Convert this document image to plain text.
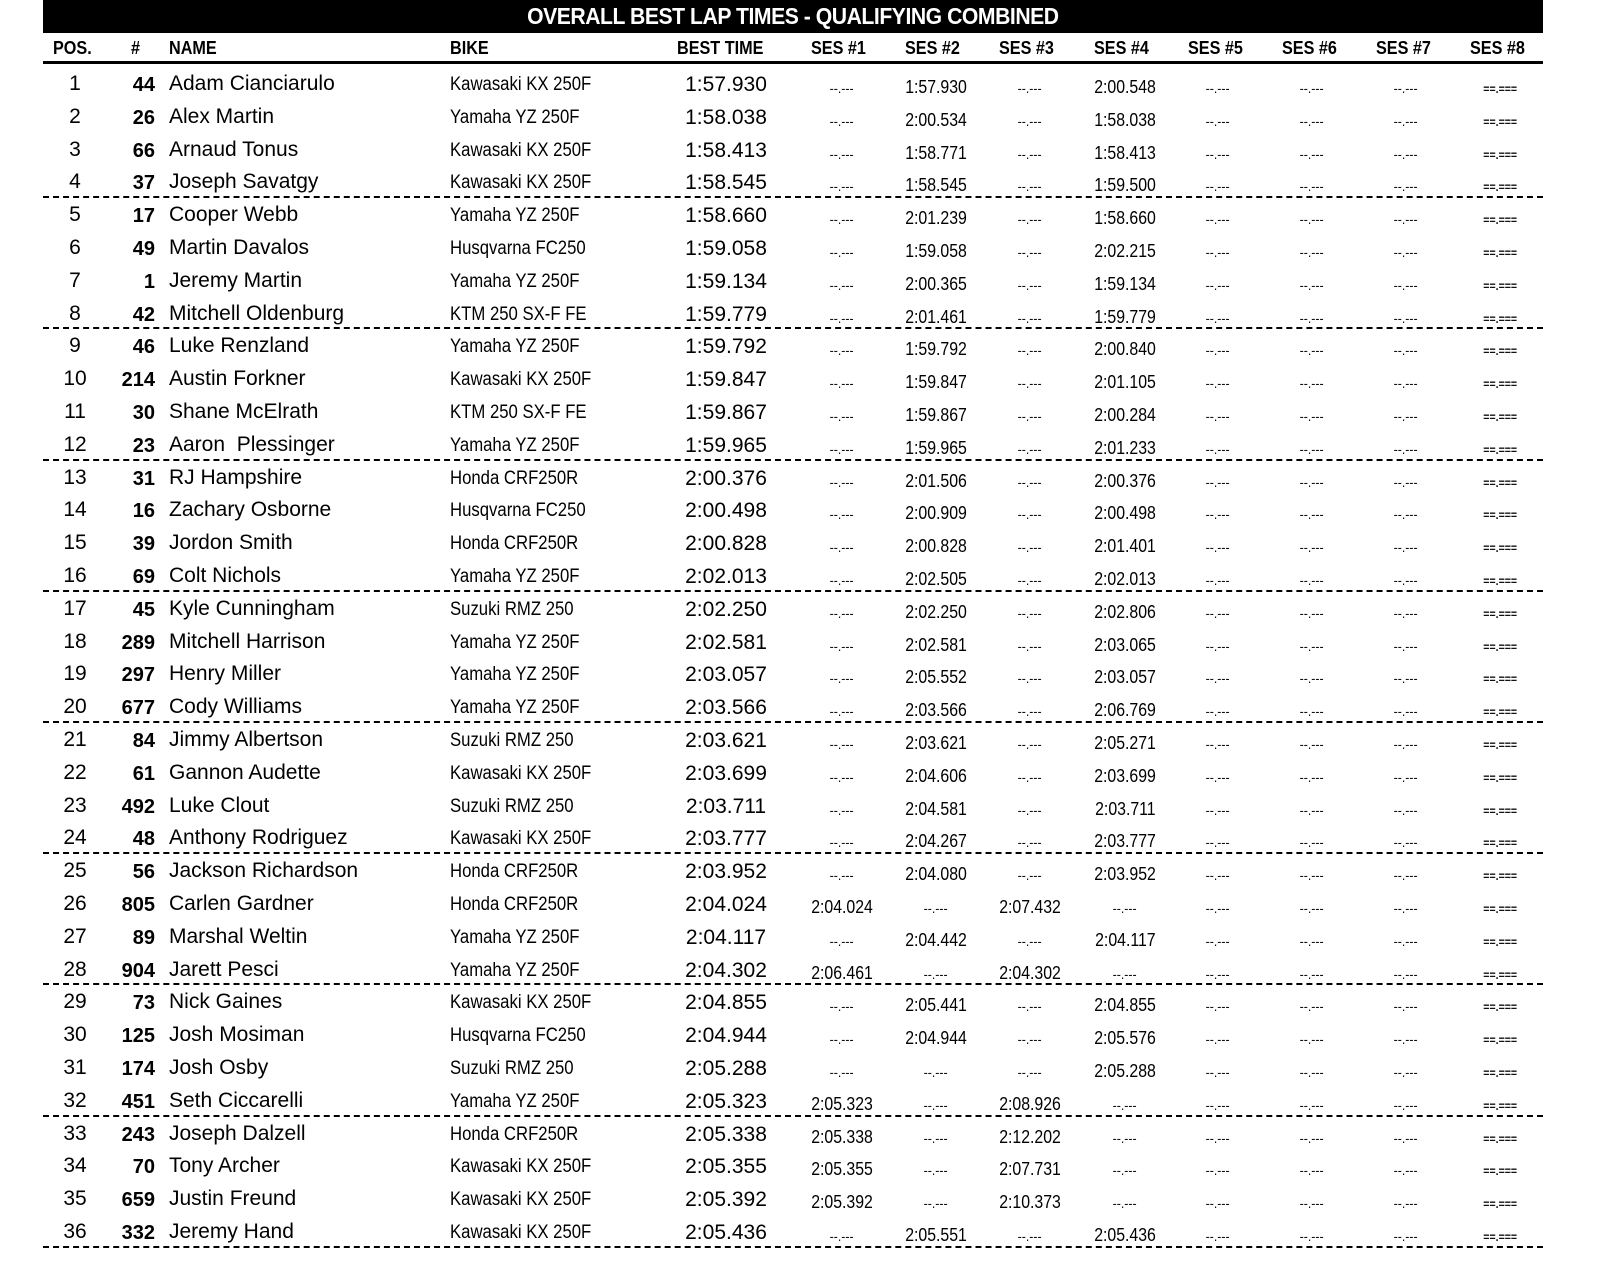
OVERALL BEST LAP TIMES - QUALIFYING COMBINED
POS. # NAME	BIKE	BEST TIME	SES #1	SES #2	SES #3	SES #4	SES #5	SES #6	SES #7	SES #8
1	44 Adam Cianciarulo	Kawasaki KX 250F	1:57.930	--.---	1:57.930	--.---	2:00.548	--.---	--.---	--.---	==.===
2	26 Alex Martin	Yamaha YZ 250F	1:58.038	--.---	2:00.534	--.---	1:58.038	--.---	--.---	--.---	==.===
3	66 Arnaud Tonus	Kawasaki KX 250F	1:58.413	--.---	1:58.771	--.---	1:58.413	--.---	--.---	--.---	==.===
4	37 Joseph Savatgy	Kawasaki KX 250F	1:58.545	--.---	1:58.545	--.---	1:59.500	--.---	--.---	--.---	==.===
5	17 Cooper Webb	Yamaha YZ 250F	1:58.660	--.---	2:01.239	--.---	1:58.660	--.---	--.---	--.---	==.===
6	49 Martin Davalos	Husqvarna FC250	1:59.058	--.---	1:59.058	--.---	2:02.215	--.---	--.---	--.---	==.===
7	1 Jeremy Martin	Yamaha YZ 250F	1:59.134	--.---	2:00.365	--.---	1:59.134	--.---	--.---	--.---	==.===
8	42 Mitchell Oldenburg	KTM 250 SX-F FE	1:59.779	--.---	2:01.461	--.---	1:59.779	--.---	--.---	--.---	==.===
9	46 Luke Renzland	Yamaha YZ 250F	1:59.792	--.---	1:59.792	--.---	2:00.840	--.---	--.---	--.---	==.===
10	214 Austin Forkner	Kawasaki KX 250F	1:59.847	--.---	1:59.847	--.---	2:01.105	--.---	--.---	--.---	==.===
11	30 Shane McElrath	KTM 250 SX-F FE	1:59.867	--.---	1:59.867	--.---	2:00.284	--.---	--.---	--.---	==.===
12	23 Aaron  Plessinger	Yamaha YZ 250F	1:59.965	--.---	1:59.965	--.---	2:01.233	--.---	--.---	--.---	==.===
13	31 RJ Hampshire	Honda CRF250R	2:00.376	--.---	2:01.506	--.---	2:00.376	--.---	--.---	--.---	==.===
14	16 Zachary Osborne	Husqvarna FC250	2:00.498	--.---	2:00.909	--.---	2:00.498	--.---	--.---	--.---	==.===
15	39 Jordon Smith	Honda CRF250R	2:00.828	--.---	2:00.828	--.---	2:01.401	--.---	--.---	--.---	==.===
16	69 Colt Nichols	Yamaha YZ 250F	2:02.013	--.---	2:02.505	--.---	2:02.013	--.---	--.---	--.---	==.===
17	45 Kyle Cunningham	Suzuki RMZ 250	2:02.250	--.---	2:02.250	--.---	2:02.806	--.---	--.---	--.---	==.===
18	289 Mitchell Harrison	Yamaha YZ 250F	2:02.581	--.---	2:02.581	--.---	2:03.065	--.---	--.---	--.---	==.===
19	297 Henry Miller	Yamaha YZ 250F	2:03.057	--.---	2:05.552	--.---	2:03.057	--.---	--.---	--.---	==.===
20	677 Cody Williams	Yamaha YZ 250F	2:03.566	--.---	2:03.566	--.---	2:06.769	--.---	--.---	--.---	==.===
21	84 Jimmy Albertson	Suzuki RMZ 250	2:03.621	--.---	2:03.621	--.---	2:05.271	--.---	--.---	--.---	==.===
22	61 Gannon Audette	Kawasaki KX 250F	2:03.699	--.---	2:04.606	--.---	2:03.699	--.---	--.---	--.---	==.===
23	492 Luke Clout	Suzuki RMZ 250	2:03.711	--.---	2:04.581	--.---	2:03.711	--.---	--.---	--.---	==.===
24	48 Anthony Rodriguez	Kawasaki KX 250F	2:03.777	--.---	2:04.267	--.---	2:03.777	--.---	--.---	--.---	==.===
25	56 Jackson Richardson	Honda CRF250R	2:03.952	--.---	2:04.080	--.---	2:03.952	--.---	--.---	--.---	==.===
26	805 Carlen Gardner	Honda CRF250R	2:04.024	2:04.024	--.---	2:07.432	--.---	--.---	--.---	--.---	==.===
27	89 Marshal Weltin	Yamaha YZ 250F	2:04.117	--.---	2:04.442	--.---	2:04.117	--.---	--.---	--.---	==.===
28	904 Jarett Pesci	Yamaha YZ 250F	2:04.302	2:06.461	--.---	2:04.302	--.---	--.---	--.---	--.---	==.===
29	73 Nick Gaines	Kawasaki KX 250F	2:04.855	--.---	2:05.441	--.---	2:04.855	--.---	--.---	--.---	==.===
30	125 Josh Mosiman	Husqvarna FC250	2:04.944	--.---	2:04.944	--.---	2:05.576	--.---	--.---	--.---	==.===
31	174 Josh Osby	Suzuki RMZ 250	2:05.288	--.---	--.---	--.---	2:05.288	--.---	--.---	--.---	==.===
32	451 Seth Ciccarelli	Yamaha YZ 250F	2:05.323	2:05.323	--.---	2:08.926	--.---	--.---	--.---	--.---	==.===
33	243 Joseph Dalzell	Honda CRF250R	2:05.338	2:05.338	--.---	2:12.202	--.---	--.---	--.---	--.---	==.===
34	70 Tony Archer	Kawasaki KX 250F	2:05.355	2:05.355	--.---	2:07.731	--.---	--.---	--.---	--.---	==.===
35	659 Justin Freund	Kawasaki KX 250F	2:05.392	2:05.392	--.---	2:10.373	--.---	--.---	--.---	--.---	==.===
36	332 Jeremy Hand	Kawasaki KX 250F	2:05.436	--.---	2:05.551	--.---	2:05.436	--.---	--.---	--.---	==.===
